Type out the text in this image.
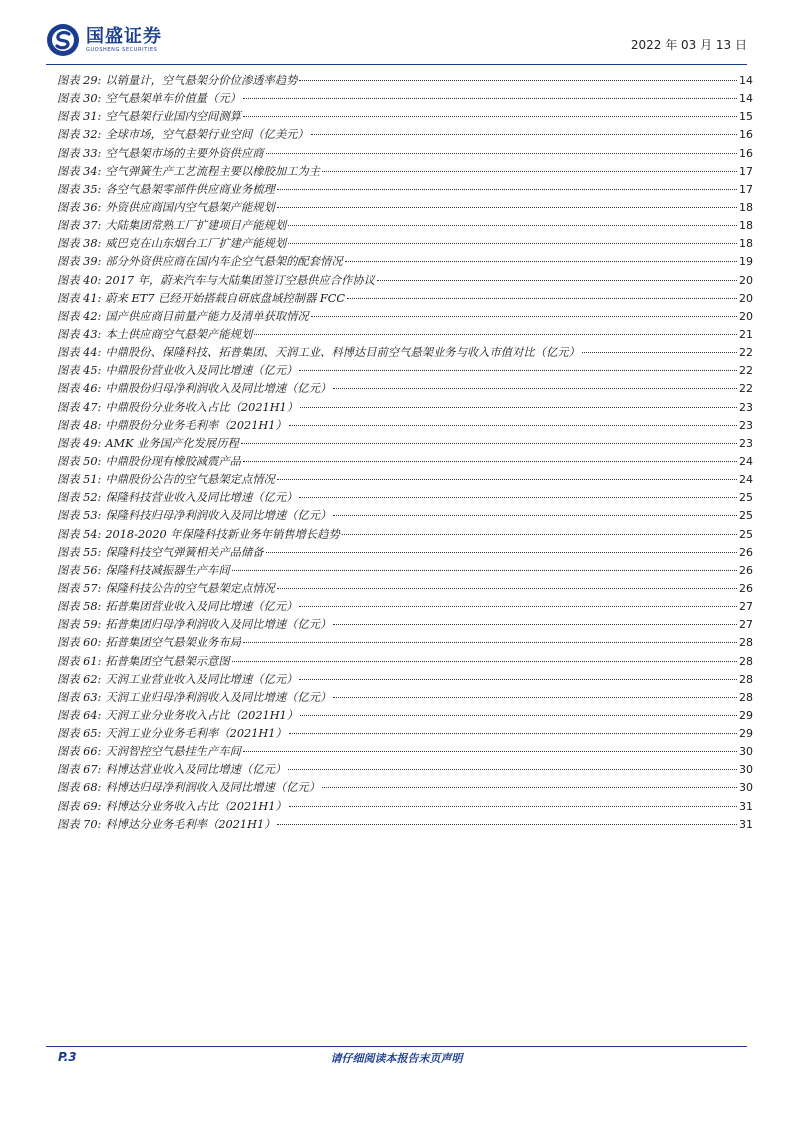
国盛证券
GUOSHENG SECURITIES	2022 年 03 月 13 日
图表 29: 以销量计，空气悬架分价位渗透率趋势	14
图表 30: 空气悬架单车价值量（元）	14
图表 31: 空气悬架行业国内空间测算	15
图表 32: 全球市场，空气悬架行业空间（亿美元）	16
图表 33: 空气悬架市场的主要外资供应商	16
图表 34: 空气弹簧生产工艺流程主要以橡胶加工为主	17
图表 35: 各空气悬架零部件供应商业务梳理	17
图表 36: 外资供应商国内空气悬架产能规划	18
图表 37: 大陆集团常熟工厂扩建项目产能规划	18
图表 38: 威巴克在山东烟台工厂扩建产能规划	18
图表 39: 部分外资供应商在国内车企空气悬架的配套情况	19
图表 40: 2017 年，蔚来汽车与大陆集团签订空悬供应合作协议	20
图表 41: 蔚来 ET7 已经开始搭载自研底盘域控制器 FCC	20
图表 42: 国产供应商目前量产能力及清单获取情况	20
图表 43: 本土供应商空气悬架产能规划	21
图表 44: 中鼎股份、保隆科技、拓普集团、天润工业、科博达目前空气悬架业务与收入市值对比（亿元）	22
图表 45: 中鼎股份营业收入及同比增速（亿元）	22
图表 46: 中鼎股份归母净利润收入及同比增速（亿元）	22
图表 47: 中鼎股份分业务收入占比（2021H1）	23
图表 48: 中鼎股份分业务毛利率（2021H1）	23
图表 49: AMK 业务国产化发展历程	23
图表 50: 中鼎股份现有橡胶减震产品	24
图表 51: 中鼎股份公告的空气悬架定点情况	24
图表 52: 保隆科技营业收入及同比增速（亿元）	25
图表 53: 保隆科技归母净利润收入及同比增速（亿元）	25
图表 54: 2018-2020 年保隆科技新业务年销售增长趋势	25
图表 55: 保隆科技空气弹簧相关产品储备	26
图表 56: 保隆科技减振器生产车间	26
图表 57: 保隆科技公告的空气悬架定点情况	26
图表 58: 拓普集团营业收入及同比增速（亿元）	27
图表 59: 拓普集团归母净利润收入及同比增速（亿元）	27
图表 60: 拓普集团空气悬架业务布局	28
图表 61: 拓普集团空气悬架示意图	28
图表 62: 天润工业营业收入及同比增速（亿元）	28
图表 63: 天润工业归母净利润收入及同比增速（亿元）	28
图表 64: 天润工业分业务收入占比（2021H1）	29
图表 65: 天润工业分业务毛利率（2021H1）	29
图表 66: 天润智控空气悬挂生产车间	30
图表 67: 科博达营业收入及同比增速（亿元）	30
图表 68: 科博达归母净利润收入及同比增速（亿元）	30
图表 69: 科博达分业务收入占比（2021H1）	31
图表 70: 科博达分业务毛利率（2021H1）	31
P.3	请仔细阅读本报告末页声明
